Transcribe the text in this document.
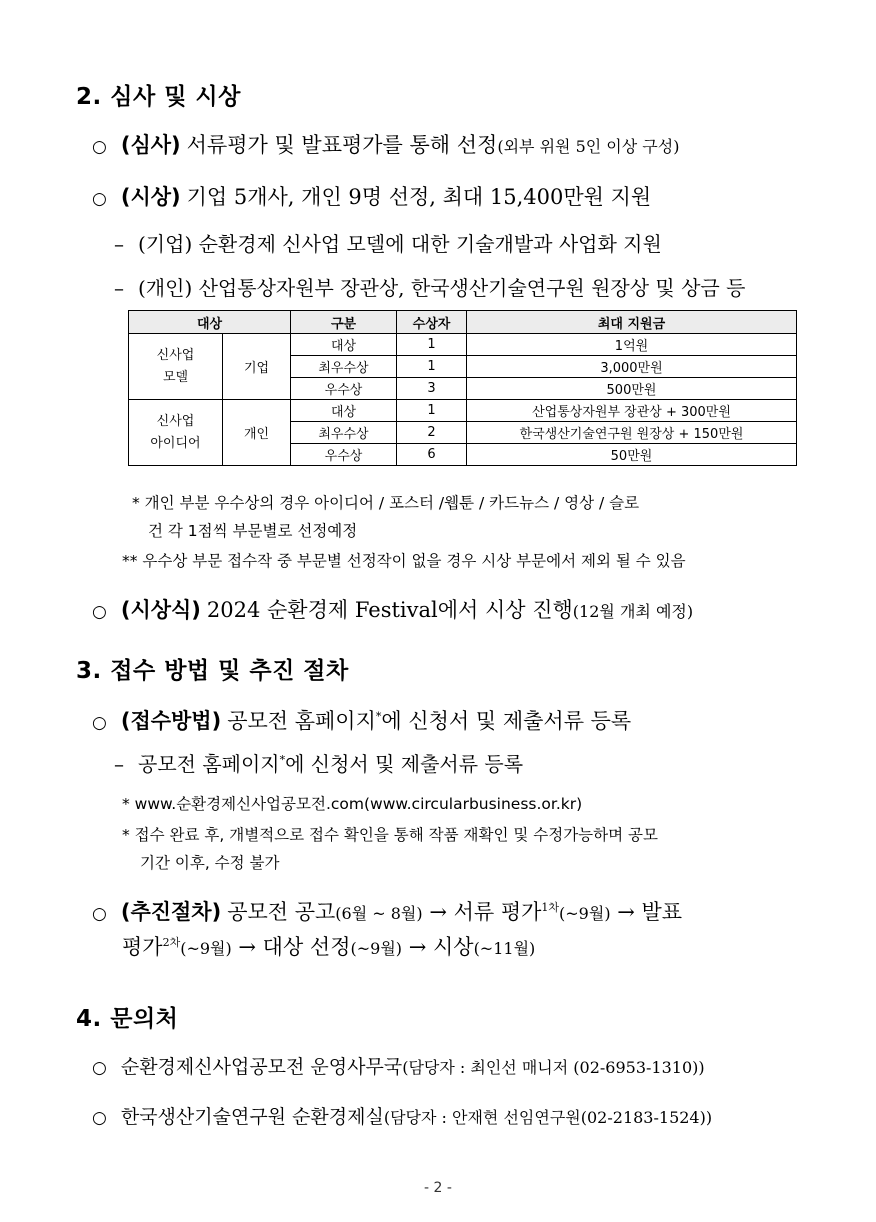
2. 심사 및 시상
○ (심사) 서류평가 및 발표평가를 통해 선정(외부 위원 5인 이상 구성)
○ (시상) 기업 5개사, 개인 9명 선정, 최대 15,400만원 지원
– (기업) 순환경제 신사업 모델에 대한 기술개발과 사업화 지원
– (개인) 산업통상자원부 장관상, 한국생산기술연구원 원장상 및 상금 등
대상		구분	수상자	최대 지원금
신사업
모델	기업	대상	1	1억원
		최우수상	1	3,000만원
		우수상	3	500만원
신사업
아이디어	개인	대상	1	산업통상자원부 장관상 + 300만원
		최우수상	2	한국생산기술연구원 원장상 + 150만원
		우수상	6	50만원
* 개인 부분 우수상의 경우 아이디어 / 포스터 /웹툰 / 카드뉴스 / 영상 / 슬로
건 각 1점씩 부문별로 선정예정
** 우수상 부문 접수작 중 부문별 선정작이 없을 경우 시상 부문에서 제외 될 수 있음
○ (시상식) 2024 순환경제 Festival에서 시상 진행(12월 개최 예정)
3. 접수 방법 및 추진 절차
○ (접수방법) 공모전 홈페이지*에 신청서 및 제출서류 등록
– 공모전 홈페이지*에 신청서 및 제출서류 등록
* www.순환경제신사업공모전.com(www.circularbusiness.or.kr)
* 접수 완료 후, 개별적으로 접수 확인을 통해 작품 재확인 및 수정가능하며 공모
기간 이후, 수정 불가
○ (추진절차) 공모전 공고(6월 ~ 8월) → 서류 평가$^{1차}$(~9월) → 발표
평가$^{2차}$(~9월) → 대상 선정(~9월) → 시상(~11월)
4. 문의처
○ 순환경제신사업공모전 운영사무국(담당자 : 최인선 매니저 (02-6953-1310))
○ 한국생산기술연구원 순환경제실(담당자 : 안재현 선임연구원(02-2183-1524))
- 2 -
